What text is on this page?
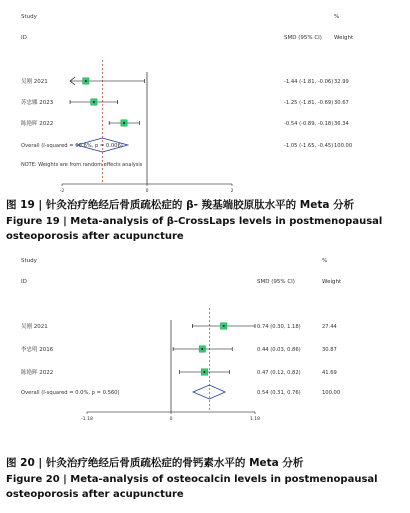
Study	%
ID	SMD (95% CI) Weight
NOTE: Weights are from random effects analysis
吴刚 2021	-1.44 (-1.81, -0.06) 32.99
苏忠娜 2023	-1.25 (-1.81, -0.69) 30.67
陈艳晖 2022	-0.54 (-0.89, -0.18) 36.34
Overall (I-squared = 60.6%, p = 0.006)	-1.05 (-1.65, -0.45) 100.00
-2	0	2
图 19 | 针灸治疗绝经后骨质疏松症的 β- 羧基端胶原肽水平的 Meta 分析
Figure 19 | Meta-analysis of β-CrossLaps levels in postmenopausal osteoporosis after acupuncture
Study	%
ID	SMD (95% CI)	Weight
吴刚 2021	0.74 (0.30, 1.18)	27.44
李忠明 2016	0.44 (0.03, 0.86)	30.87
陈艳晖 2022	0.47 (0.12, 0.82)	41.69
Overall (I-squared = 0.0%, p = 0.560)	0.54 (0.31, 0.76)	100.00
-1.18	0	1.18
图 20 | 针灸治疗绝经后骨质疏松症的骨钙素水平的 Meta 分析
Figure 20 | Meta-analysis of osteocalcin levels in postmenopausal osteoporosis after acupuncture
